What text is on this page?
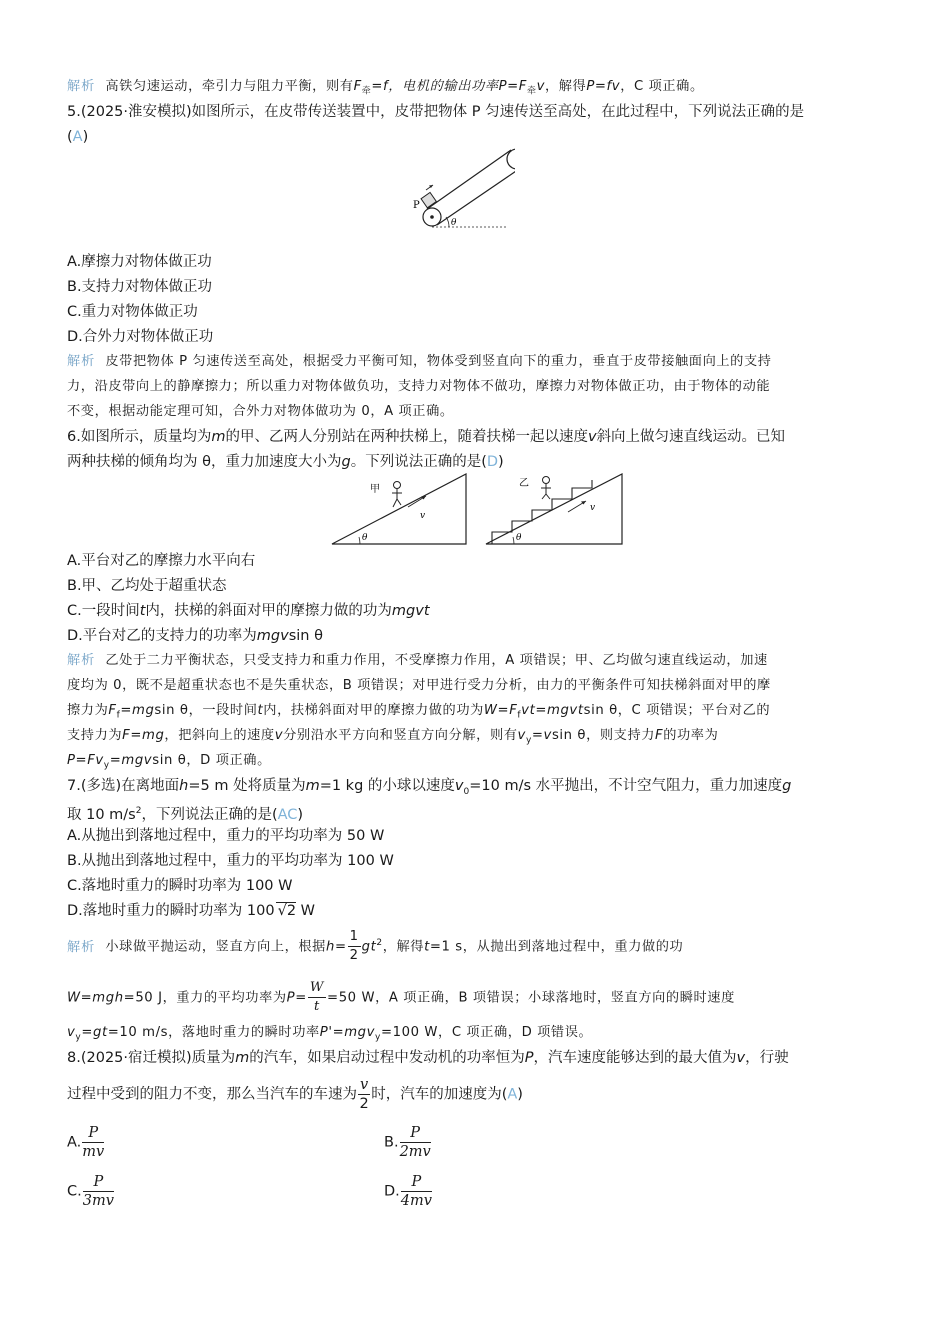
解析 高铁匀速运动，牵引力与阻力平衡，则有$F_牵=f$，电机的输出功率$P=F_牵v$，解得P=fv，C 项正确。
5.(2025·淮安模拟)如图所示，在皮带传送装置中，皮带把物体 P 匀速传送至高处，在此过程中，下列说法正确的是
(A)
θ
P
A.摩擦力对物体做正功
B.支持力对物体做正功
C.重力对物体做正功
D.合外力对物体做正功
解析 皮带把物体 P 匀速传送至高处，根据受力平衡可知，物体受到竖直向下的重力，垂直于皮带接触面向上的支持
力，沿皮带向上的静摩擦力；所以重力对物体做负功，支持力对物体不做功，摩擦力对物体做正功，由于物体的动能
不变，根据动能定理可知，合外力对物体做功为 0，A 项正确。
6.如图所示，质量均为m的甲、乙两人分别站在两种扶梯上，随着扶梯一起以速度v斜向上做匀速直线运动。已知
两种扶梯的倾角均为 θ，重力加速度大小为g。下列说法正确的是(D)
θ
甲
v
θ
乙
v
A.平台对乙的摩擦力水平向右
B.甲、乙均处于超重状态
C.一段时间t内，扶梯的斜面对甲的摩擦力做的功为mgvt
D.平台对乙的支持力的功率为mgvsin θ
解析 乙处于二力平衡状态，只受支持力和重力作用，不受摩擦力作用，A 项错误；甲、乙均做匀速直线运动，加速
度均为 0，既不是超重状态也不是失重状态，B 项错误；对甲进行受力分析，由力的平衡条件可知扶梯斜面对甲的摩
擦力为$F_f=mgsin$ θ，一段时间t内，扶梯斜面对甲的摩擦力做的功为$W=F_fvt=mgvtsin$ θ，C 项错误；平台对乙的
支持力为F=mg，把斜向上的速度v分别沿水平方向和竖直方向分解，则有$v_y=vsin$ θ，则支持力F的功率为
$P=Fv_y=mgvsin$ θ，D 项正确。
7.(多选)在离地面h=5 m 处将质量为m=1 kg 的小球以速度$v_0=10$ m/s 水平抛出，不计空气阻力，重力加速度g
取 10 $m/s^2$，下列说法正确的是(AC)
A.从抛出到落地过程中，重力的平均功率为 50 W
B.从抛出到落地过程中，重力的平均功率为 100 W
C.落地时重力的瞬时功率为 100 W
D.落地时重力的瞬时功率为 100 √2 W
解析 小球做平抛运动，竖直方向上，根据$h= \frac{1}{2} gt^2$，解得t=1 s，从抛出到落地过程中，重力做的功
W=mgh=50 J，重力的平均功率为$P= \frac{W}{t} =50$ W，A 项正确，B 项错误；小球落地时，竖直方向的瞬时速度
$v_y=gt=10$ m/s，落地时重力的瞬时功率P'=mgv$_y$=100 W，C 项正确，D 项错误。
8.(2025·宿迁模拟)质量为m的汽车，如果启动过程中发动机的功率恒为P，汽车速度能够达到的最大值为v，行驶
过程中受到的阻力不变，那么当汽车的车速为 $\frac{v}{2}$ 时，汽车的加速度为(A)
A. $\frac{P}{mv}$	B. $\frac{P}{2mv}$
C. $\frac{P}{3mv}$	D. $\frac{P}{4mv}$
